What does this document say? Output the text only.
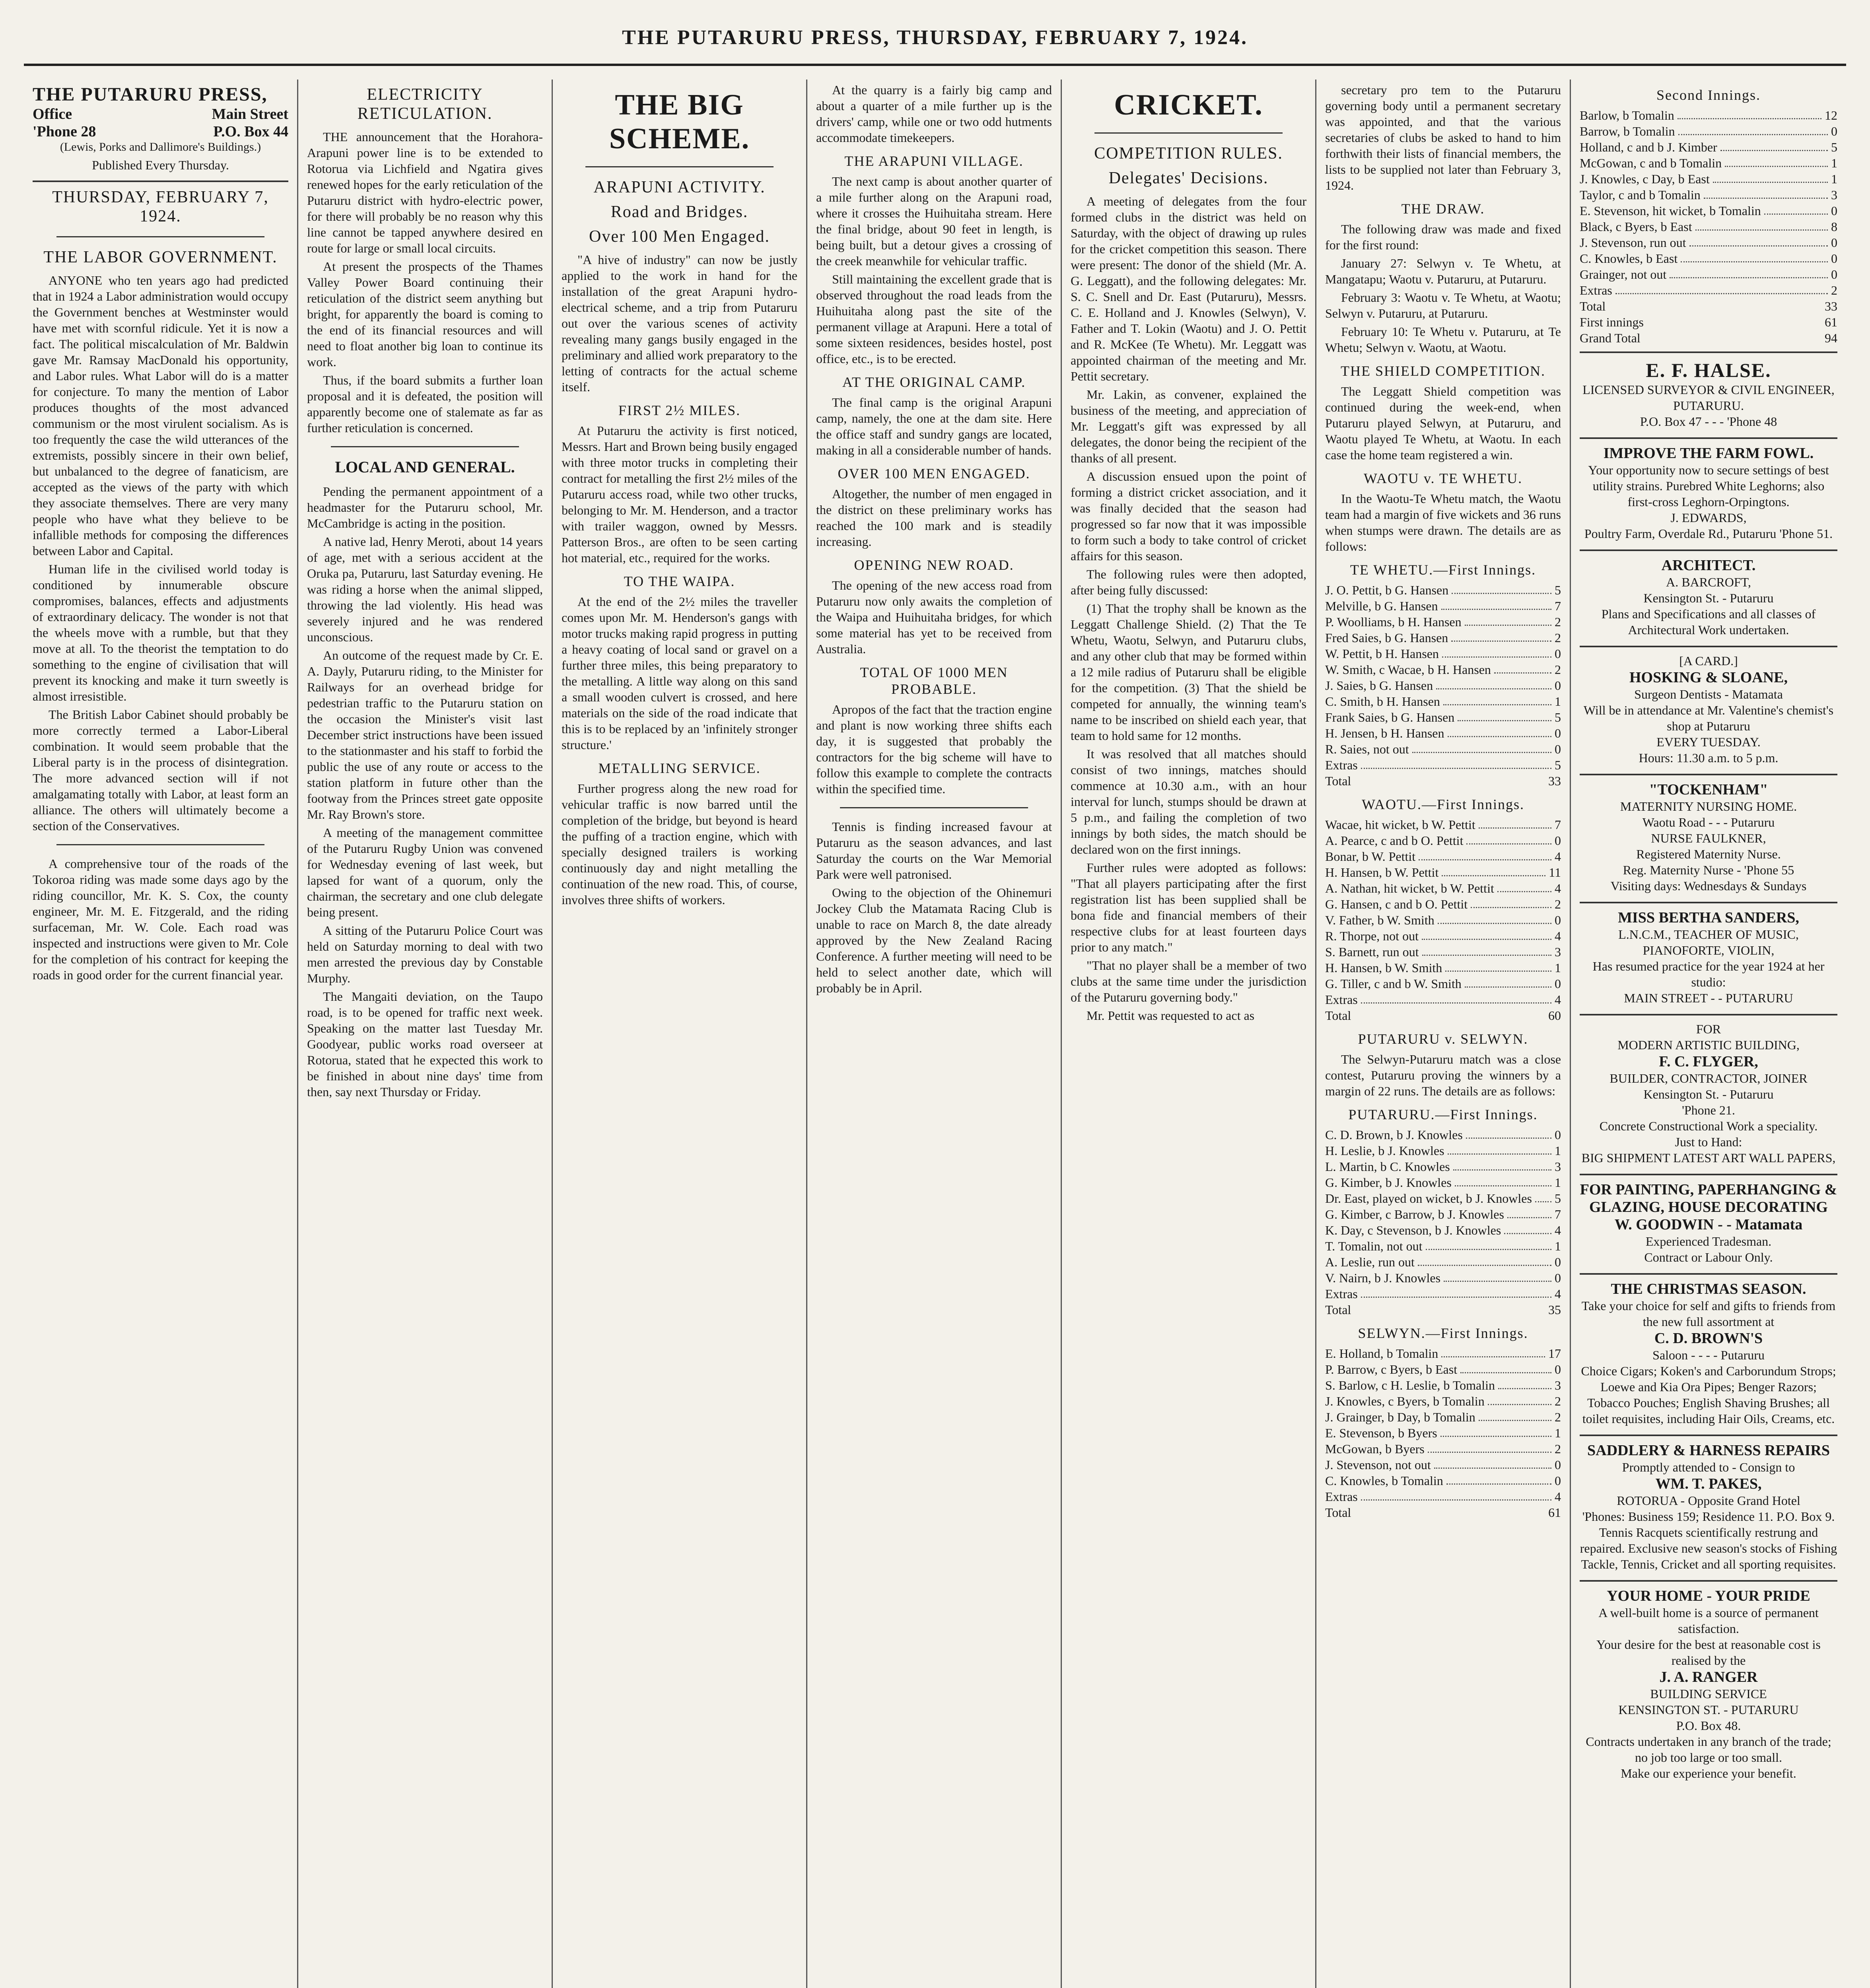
THE PUTARURU PRESS, THURSDAY, FEBRUARY 7, 1924.
THE PUTARURU PRESS,
Office	Main Street
'Phone 28	P.O. Box 44
(Lewis, Porks and Dallimore's Buildings.)
Published Every Thursday.
THURSDAY, FEBRUARY 7, 1924.
THE LABOR GOVERNMENT.

ANYONE who ten years ago had predicted that in 1924 a Labor administration would occupy the Government benches at Westminster would have met with scornful ridicule. Yet it is now a fact. The political miscalculation of Mr. Baldwin gave Mr. Ramsay MacDonald his opportunity, and Labor rules. What Labor will do is a matter for conjecture. To many the mention of Labor produces thoughts of the most advanced communism or the most virulent socialism. As is too frequently the case the wild utterances of the extremists, possibly sincere in their own belief, but unbalanced to the degree of fanaticism, are accepted as the views of the party with which they associate themselves. There are very many people who have what they believe to be infallible methods for composing the differences between Labor and Capital.

Human life in the civilised world today is conditioned by innumerable obscure compromises, balances, effects and adjustments of extraordinary delicacy. The wonder is not that the wheels move with a rumble, but that they move at all. To the theorist the temptation to do something to the engine of civilisation that will prevent its knocking and make it turn sweetly is almost irresistible.

The British Labor Cabinet should probably be more correctly termed a Labor-Liberal combination. It would seem probable that the Liberal party is in the process of disintegration. The more advanced section will if not amalgamating totally with Labor, at least form an alliance. The others will ultimately become a section of the Conservatives.

A comprehensive tour of the roads of the Tokoroa riding was made some days ago by the riding councillor, Mr. K. S. Cox, the county engineer, Mr. M. E. Fitzgerald, and the riding surfaceman, Mr. W. Cole. Each road was inspected and instructions were given to Mr. Cole for the completion of his contract for keeping the roads in good order for the current financial year.

ELECTRICITY RETICULATION.

THE announcement that the Horahora-Arapuni power line is to be extended to Rotorua via Lichfield and Ngatira gives renewed hopes for the early reticulation of the Putaruru district with hydro-electric power, for there will probably be no reason why this line cannot be tapped anywhere desired en route for large or small local circuits.

At present the prospects of the Thames Valley Power Board continuing their reticulation of the district seem anything but bright, for apparently the board is coming to the end of its financial resources and will need to float another big loan to continue its work.

Thus, if the board submits a further loan proposal and it is defeated, the position will apparently become one of stalemate as far as further reticulation is concerned.

LOCAL AND GENERAL.

Pending the permanent appointment of a headmaster for the Putaruru school, Mr. McCambridge is acting in the position.

A native lad, Henry Meroti, about 14 years of age, met with a serious accident at the Oruka pa, Putaruru, last Saturday evening. He was riding a horse when the animal slipped, throwing the lad violently. His head was severely injured and he was rendered unconscious.

An outcome of the request made by Cr. E. A. Dayly, Putaruru riding, to the Minister for Railways for an overhead bridge for pedestrian traffic to the Putaruru station on the occasion the Minister's visit last December strict instructions have been issued to the stationmaster and his staff to forbid the public the use of any route or access to the station platform in future other than the footway from the Princes street gate opposite Mr. Ray Brown's store.

A meeting of the management committee of the Putaruru Rugby Union was convened for Wednesday evening of last week, but lapsed for want of a quorum, only the chairman, the secretary and one club delegate being present.

A sitting of the Putaruru Police Court was held on Saturday morning to deal with two men arrested the previous day by Constable Murphy.

The Mangaiti deviation, on the Taupo road, is to be opened for traffic next week. Speaking on the matter last Tuesday Mr. Goodyear, public works road overseer at Rotorua, stated that he expected this work to be finished in about nine days' time from then, say next Thursday or Friday.

THE BIG SCHEME.
ARAPUNI ACTIVITY.
Road and Bridges.
Over 100 Men Engaged.

"A hive of industry" can now be justly applied to the work in hand for the installation of the great Arapuni hydro-electrical scheme, and a trip from Putaruru out over the various scenes of activity revealing many gangs busily engaged in the preliminary and allied work preparatory to the letting of contracts for the actual scheme itself.

FIRST 2½ MILES.

At Putaruru the activity is first noticed, Messrs. Hart and Brown being busily engaged with three motor trucks in completing their contract for metalling the first 2½ miles of the Putaruru access road, while two other trucks, belonging to Mr. M. Henderson, and a tractor with trailer waggon, owned by Messrs. Patterson Bros., are often to be seen carting hot material, etc., required for the works.

TO THE WAIPA.

At the end of the 2½ miles the traveller comes upon Mr. M. Henderson's gangs with motor trucks making rapid progress in putting a heavy coating of local sand or gravel on a further three miles, this being preparatory to the metalling. A little way along on this sand a small wooden culvert is crossed, and here materials on the side of the road indicate that this is to be replaced by an 'infinitely stronger structure.'

METALLING SERVICE.

Further progress along the new road for vehicular traffic is now barred until the completion of the bridge, but beyond is heard the puffing of a traction engine, which with specially designed trailers is working continuously day and night metalling the continuation of the new road. This, of course, involves three shifts of workers.

At the quarry is a fairly big camp and about a quarter of a mile further up is the drivers' camp, while one or two odd hutments accommodate timekeepers.

THE ARAPUNI VILLAGE.

The next camp is about another quarter of a mile further along on the Arapuni road, where it crosses the Huihuitaha stream. Here the final bridge, about 90 feet in length, is being built, but a detour gives a crossing of the creek meanwhile for vehicular traffic.

Still maintaining the excellent grade that is observed throughout the road leads from the Huihuitaha along past the site of the permanent village at Arapuni. Here a total of some sixteen residences, besides hostel, post office, etc., is to be erected.

AT THE ORIGINAL CAMP.

The final camp is the original Arapuni camp, namely, the one at the dam site. Here the office staff and sundry gangs are located, making in all a considerable number of hands.

OVER 100 MEN ENGAGED.

Altogether, the number of men engaged in the district on these preliminary works has reached the 100 mark and is steadily increasing.

OPENING NEW ROAD.

The opening of the new access road from Putaruru now only awaits the completion of the Waipa and Huihuitaha bridges, for which some material has yet to be received from Australia.

TOTAL OF 1000 MEN PROBABLE.

Apropos of the fact that the traction engine and plant is now working three shifts each day, it is suggested that probably the contractors for the big scheme will have to follow this example to complete the contracts within the specified time.

Tennis is finding increased favour at Putaruru as the season advances, and last Saturday the courts on the War Memorial Park were well patronised.

Owing to the objection of the Ohinemuri Jockey Club the Matamata Racing Club is unable to race on March 8, the date already approved by the New Zealand Racing Conference. A further meeting will need to be held to select another date, which will probably be in April.

CRICKET.
COMPETITION RULES.
Delegates' Decisions.

A meeting of delegates from the four formed clubs in the district was held on Saturday, with the object of drawing up rules for the cricket competition this season. There were present: The donor of the shield (Mr. A. G. Leggatt), and the following delegates: Mr. S. C. Snell and Dr. East (Putaruru), Messrs. C. E. Holland and J. Knowles (Selwyn), V. Father and T. Lokin (Waotu) and J. O. Pettit and R. McKee (Te Whetu). Mr. Leggatt was appointed chairman of the meeting and Mr. Pettit secretary.

Mr. Lakin, as convener, explained the business of the meeting, and appreciation of Mr. Leggatt's gift was expressed by all delegates, the donor being the recipient of the thanks of all present.

A discussion ensued upon the point of forming a district cricket association, and it was finally decided that the season had progressed so far now that it was impossible to form such a body to take control of cricket affairs for this season.

The following rules were then adopted, after being fully discussed:

(1) That the trophy shall be known as the Leggatt Challenge Shield. (2) That the Te Whetu, Waotu, Selwyn, and Putaruru clubs, and any other club that may be formed within a 12 mile radius of Putaruru shall be eligible for the competition. (3) That the shield be competed for annually, the winning team's name to be inscribed on shield each year, that team to hold same for 12 months.

It was resolved that all matches should consist of two innings, matches should commence at 10.30 a.m., with an hour interval for lunch, stumps should be drawn at 5 p.m., and failing the completion of two innings by both sides, the match should be declared won on the first innings.

Further rules were adopted as follows: "That all players participating after the first registration list has been supplied shall be bona fide and financial members of their respective clubs for at least fourteen days prior to any match."

"That no player shall be a member of two clubs at the same time under the jurisdiction of the Putaruru governing body."

Mr. Pettit was requested to act as

secretary pro tem to the Putaruru governing body until a permanent secretary was appointed, and that the various secretaries of clubs be asked to hand to him forthwith their lists of financial members, the lists to be supplied not later than February 3, 1924.

THE DRAW.

The following draw was made and fixed for the first round:

January 27: Selwyn v. Te Whetu, at Mangatapu; Waotu v. Putaruru, at Putaruru.

February 3: Waotu v. Te Whetu, at Waotu; Selwyn v. Putaruru, at Putaruru.

February 10: Te Whetu v. Putaruru, at Te Whetu; Selwyn v. Waotu, at Waotu.

THE SHIELD COMPETITION.

The Leggatt Shield competition was continued during the week-end, when Putaruru played Selwyn, at Putaruru, and Waotu played Te Whetu, at Waotu. In each case the home team registered a win.

WAOTU v. TE WHETU.

In the Waotu-Te Whetu match, the Waotu team had a margin of five wickets and 36 runs when stumps were drawn. The details are as follows:

TE WHETU.—First Innings.
J. O. Pettit, b G. Hansen	5
Melville, b G. Hansen	7
P. Woolliams, b H. Hansen	2
Fred Saies, b G. Hansen	2
W. Pettit, b H. Hansen	0
W. Smith, c Wacae, b H. Hansen	2
J. Saies, b G. Hansen	0
C. Smith, b H. Hansen	1
Frank Saies, b G. Hansen	5
H. Jensen, b H. Hansen	0
R. Saies, not out	0
Extras	5
Total	33
WAOTU.—First Innings.
Wacae, hit wicket, b W. Pettit	7
A. Pearce, c and b O. Pettit	0
Bonar, b W. Pettit	4
H. Hansen, b W. Pettit	11
A. Nathan, hit wicket, b W. Pettit	4
G. Hansen, c and b O. Pettit	2
V. Father, b W. Smith	0
R. Thorpe, not out	4
S. Barnett, run out	3
H. Hansen, b W. Smith	1
G. Tiller, c and b W. Smith	0
Extras	4
Total	60
PUTARURU v. SELWYN.

The Selwyn-Putaruru match was a close contest, Putaruru proving the winners by a margin of 22 runs. The details are as follows:

PUTARURU.—First Innings.
C. D. Brown, b J. Knowles	0
H. Leslie, b J. Knowles	1
L. Martin, b C. Knowles	3
G. Kimber, b J. Knowles	1
Dr. East, played on wicket, b J. Knowles 5
G. Kimber, c Barrow, b J. Knowles	7
K. Day, c Stevenson, b J. Knowles	4
T. Tomalin, not out	1
A. Leslie, run out	0
V. Nairn, b J. Knowles	0
Extras	4
Total	35
SELWYN.—First Innings.
E. Holland, b Tomalin	17
P. Barrow, c Byers, b East	0
S. Barlow, c H. Leslie, b Tomalin	3
J. Knowles, c Byers, b Tomalin	2
J. Grainger, b Day, b Tomalin	2
E. Stevenson, b Byers	1
McGowan, b Byers	2
J. Stevenson, not out	0
C. Knowles, b Tomalin	0
Extras	4
Total	61
Second Innings.
Barlow, b Tomalin	12
Barrow, b Tomalin	0
Holland, c and b J. Kimber	5
McGowan, c and b Tomalin	1
J. Knowles, c Day, b East	1
Taylor, c and b Tomalin	3
E. Stevenson, hit wicket, b Tomalin	0
Black, c Byers, b East	8
J. Stevenson, run out	0
C. Knowles, b East	0
Grainger, not out	0
Extras	2
Total	33
First innings	61
Grand Total	94
E. F. HALSE.
LICENSED SURVEYOR & CIVIL ENGINEER,
PUTARURU.
P.O. Box 47 - - - 'Phone 48
IMPROVE THE FARM FOWL.
Your opportunity now to secure settings of best utility strains. Purebred White Leghorns; also first-cross Leghorn-Orpingtons.
J. EDWARDS,
Poultry Farm, Overdale Rd., Putaruru 'Phone 51.
ARCHITECT.
A. BARCROFT,
Kensington St. - Putaruru
Plans and Specifications and all classes of Architectural Work undertaken.
[A CARD.]
HOSKING & SLOANE,
Surgeon Dentists - Matamata
Will be in attendance at Mr. Valentine's chemist's shop at Putaruru
EVERY TUESDAY.
Hours: 11.30 a.m. to 5 p.m.
"TOCKENHAM"
MATERNITY NURSING HOME.
Waotu Road - - - Putaruru
NURSE FAULKNER,
Registered Maternity Nurse.
Reg. Maternity Nurse - 'Phone 55
Visiting days: Wednesdays & Sundays
MISS BERTHA SANDERS,
L.N.C.M., TEACHER OF MUSIC, PIANOFORTE, VIOLIN,
Has resumed practice for the year 1924 at her studio:
MAIN STREET - - PUTARURU
FOR
MODERN ARTISTIC BUILDING,
F. C. FLYGER,
BUILDER, CONTRACTOR, JOINER
Kensington St. - Putaruru
'Phone 21.
Concrete Constructional Work a speciality.
Just to Hand:
BIG SHIPMENT LATEST ART WALL PAPERS,
FOR PAINTING, PAPERHANGING & GLAZING, HOUSE DECORATING
W. GOODWIN - - Matamata
Experienced Tradesman.
Contract or Labour Only.
THE CHRISTMAS SEASON.
Take your choice for self and gifts to friends from the new full assortment at
C. D. BROWN'S
Saloon - - - - Putaruru
Choice Cigars; Koken's and Carborundum Strops; Loewe and Kia Ora Pipes; Benger Razors; Tobacco Pouches; English Shaving Brushes; all toilet requisites, including Hair Oils, Creams, etc.
SADDLERY & HARNESS REPAIRS
Promptly attended to - Consign to
WM. T. PAKES,
ROTORUA - Opposite Grand Hotel
'Phones: Business 159; Residence 11. P.O. Box 9.
Tennis Racquets scientifically restrung and repaired. Exclusive new season's stocks of Fishing Tackle, Tennis, Cricket and all sporting requisites.
YOUR HOME - YOUR PRIDE
A well-built home is a source of permanent satisfaction.
Your desire for the best at reasonable cost is realised by the
J. A. RANGER
BUILDING SERVICE
KENSINGTON ST. - PUTARURU
P.O. Box 48.
Contracts undertaken in any branch of the trade; no job too large or too small.
Make our experience your benefit.
